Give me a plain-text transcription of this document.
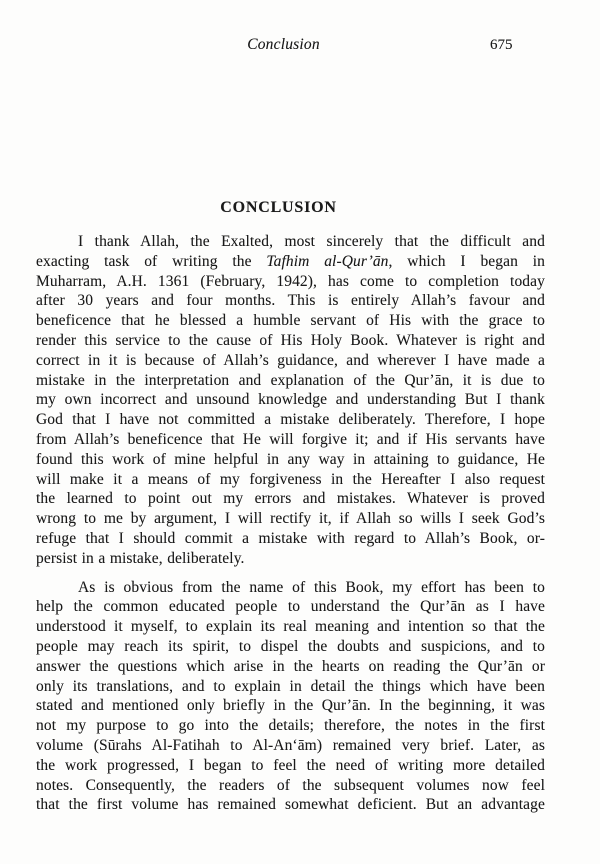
Conclusion	675
CONCLUSION
I thank Allah, the Exalted, most sincerely that the difficult and
exacting task of writing the Tafhim al-Qur’ān, which I began in
Muharram, A.H. 1361 (February, 1942), has come to completion today
after 30 years and four months. This is entirely Allah’s favour and
beneficence that he blessed a humble servant of His with the grace to
render this service to the cause of His Holy Book. Whatever is right and
correct in it is because of Allah’s guidance, and wherever I have made a
mistake in the interpretation and explanation of the Qur’ān, it is due to
my own incorrect and unsound knowledge and understanding But I thank
God that I have not committed a mistake deliberately. Therefore, I hope
from Allah’s beneficence that He will forgive it; and if His servants have
found this work of mine helpful in any way in attaining to guidance, He
will make it a means of my forgiveness in the Hereafter I also request
the learned to point out my errors and mistakes. Whatever is proved
wrong to me by argument, I will rectify it, if Allah so wills I seek God’s
refuge that I should commit a mistake with regard to Allah’s Book, or-
persist in a mistake, deliberately.
As is obvious from the name of this Book, my effort has been to
help the common educated people to understand the Qur’ān as I have
understood it myself, to explain its real meaning and intention so that the
people may reach its spirit, to dispel the doubts and suspicions, and to
answer the questions which arise in the hearts on reading the Qur’ān or
only its translations, and to explain in detail the things which have been
stated and mentioned only briefly in the Qur’ān. In the beginning, it was
not my purpose to go into the details; therefore, the notes in the first
volume (Sūrahs Al-Fatihah to Al-An‘ām) remained very brief. Later, as
the work progressed, I began to feel the need of writing more detailed
notes. Consequently, the readers of the subsequent volumes now feel
that the first volume has remained somewhat deficient. But an advantage
